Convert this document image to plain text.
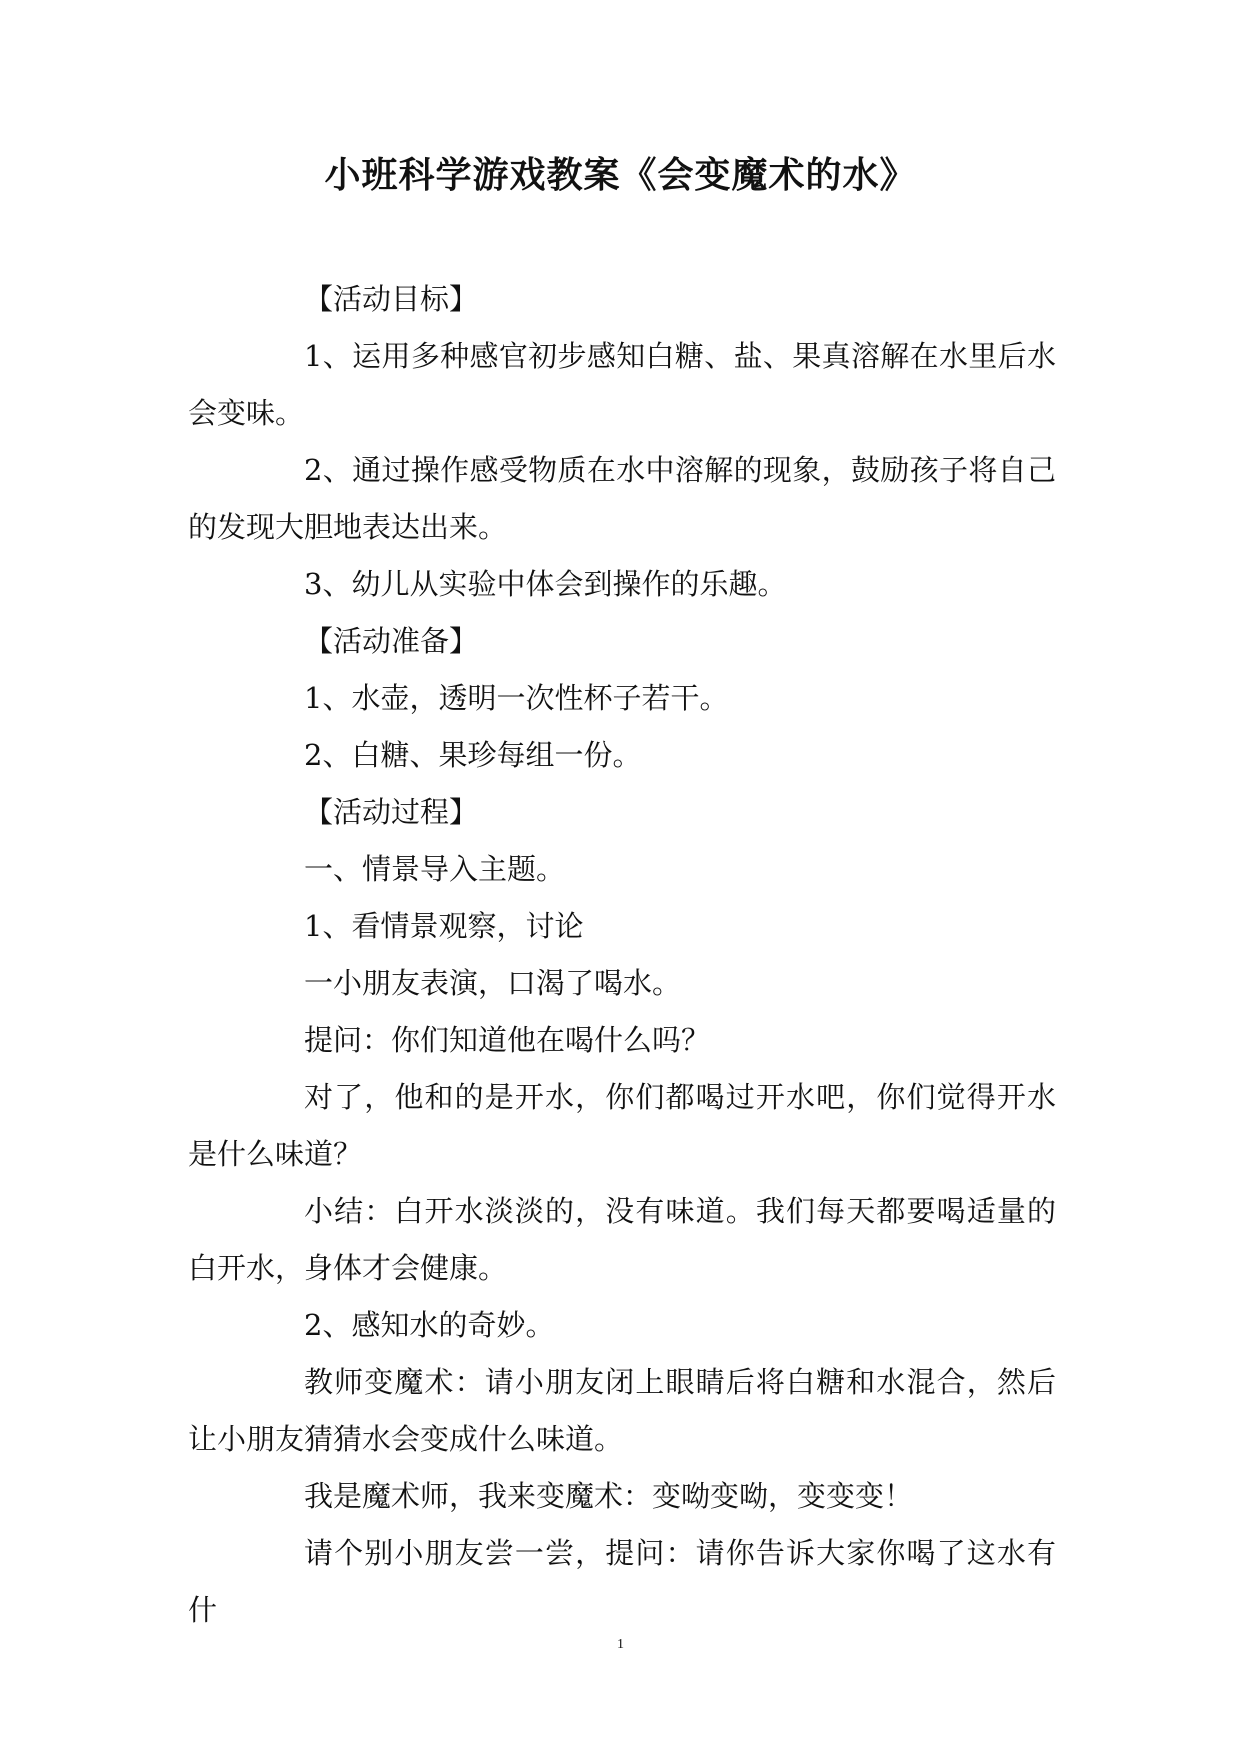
小班科学游戏教案《会变魔术的水》

【活动目标】

1、运用多种感官初步感知白糖、盐、果真溶解在水里后水会变味。

2、通过操作感受物质在水中溶解的现象，鼓励孩子将自己的发现大胆地表达出来。

3、幼儿从实验中体会到操作的乐趣。

【活动准备】

1、水壶，透明一次性杯子若干。

2、白糖、果珍每组一份。

【活动过程】

一、情景导入主题。

1、看情景观察，讨论

一小朋友表演，口渴了喝水。

提问：你们知道他在喝什么吗？

对了，他和的是开水，你们都喝过开水吧，你们觉得开水是什么味道？

小结：白开水淡淡的，没有味道。我们每天都要喝适量的白开水，身体才会健康。

2、感知水的奇妙。

教师变魔术：请小朋友闭上眼睛后将白糖和水混合，然后让小朋友猜猜水会变成什么味道。

我是魔术师，我来变魔术：变呦变呦，变变变！

请个别小朋友尝一尝，提问：请你告诉大家你喝了这水有什

1
